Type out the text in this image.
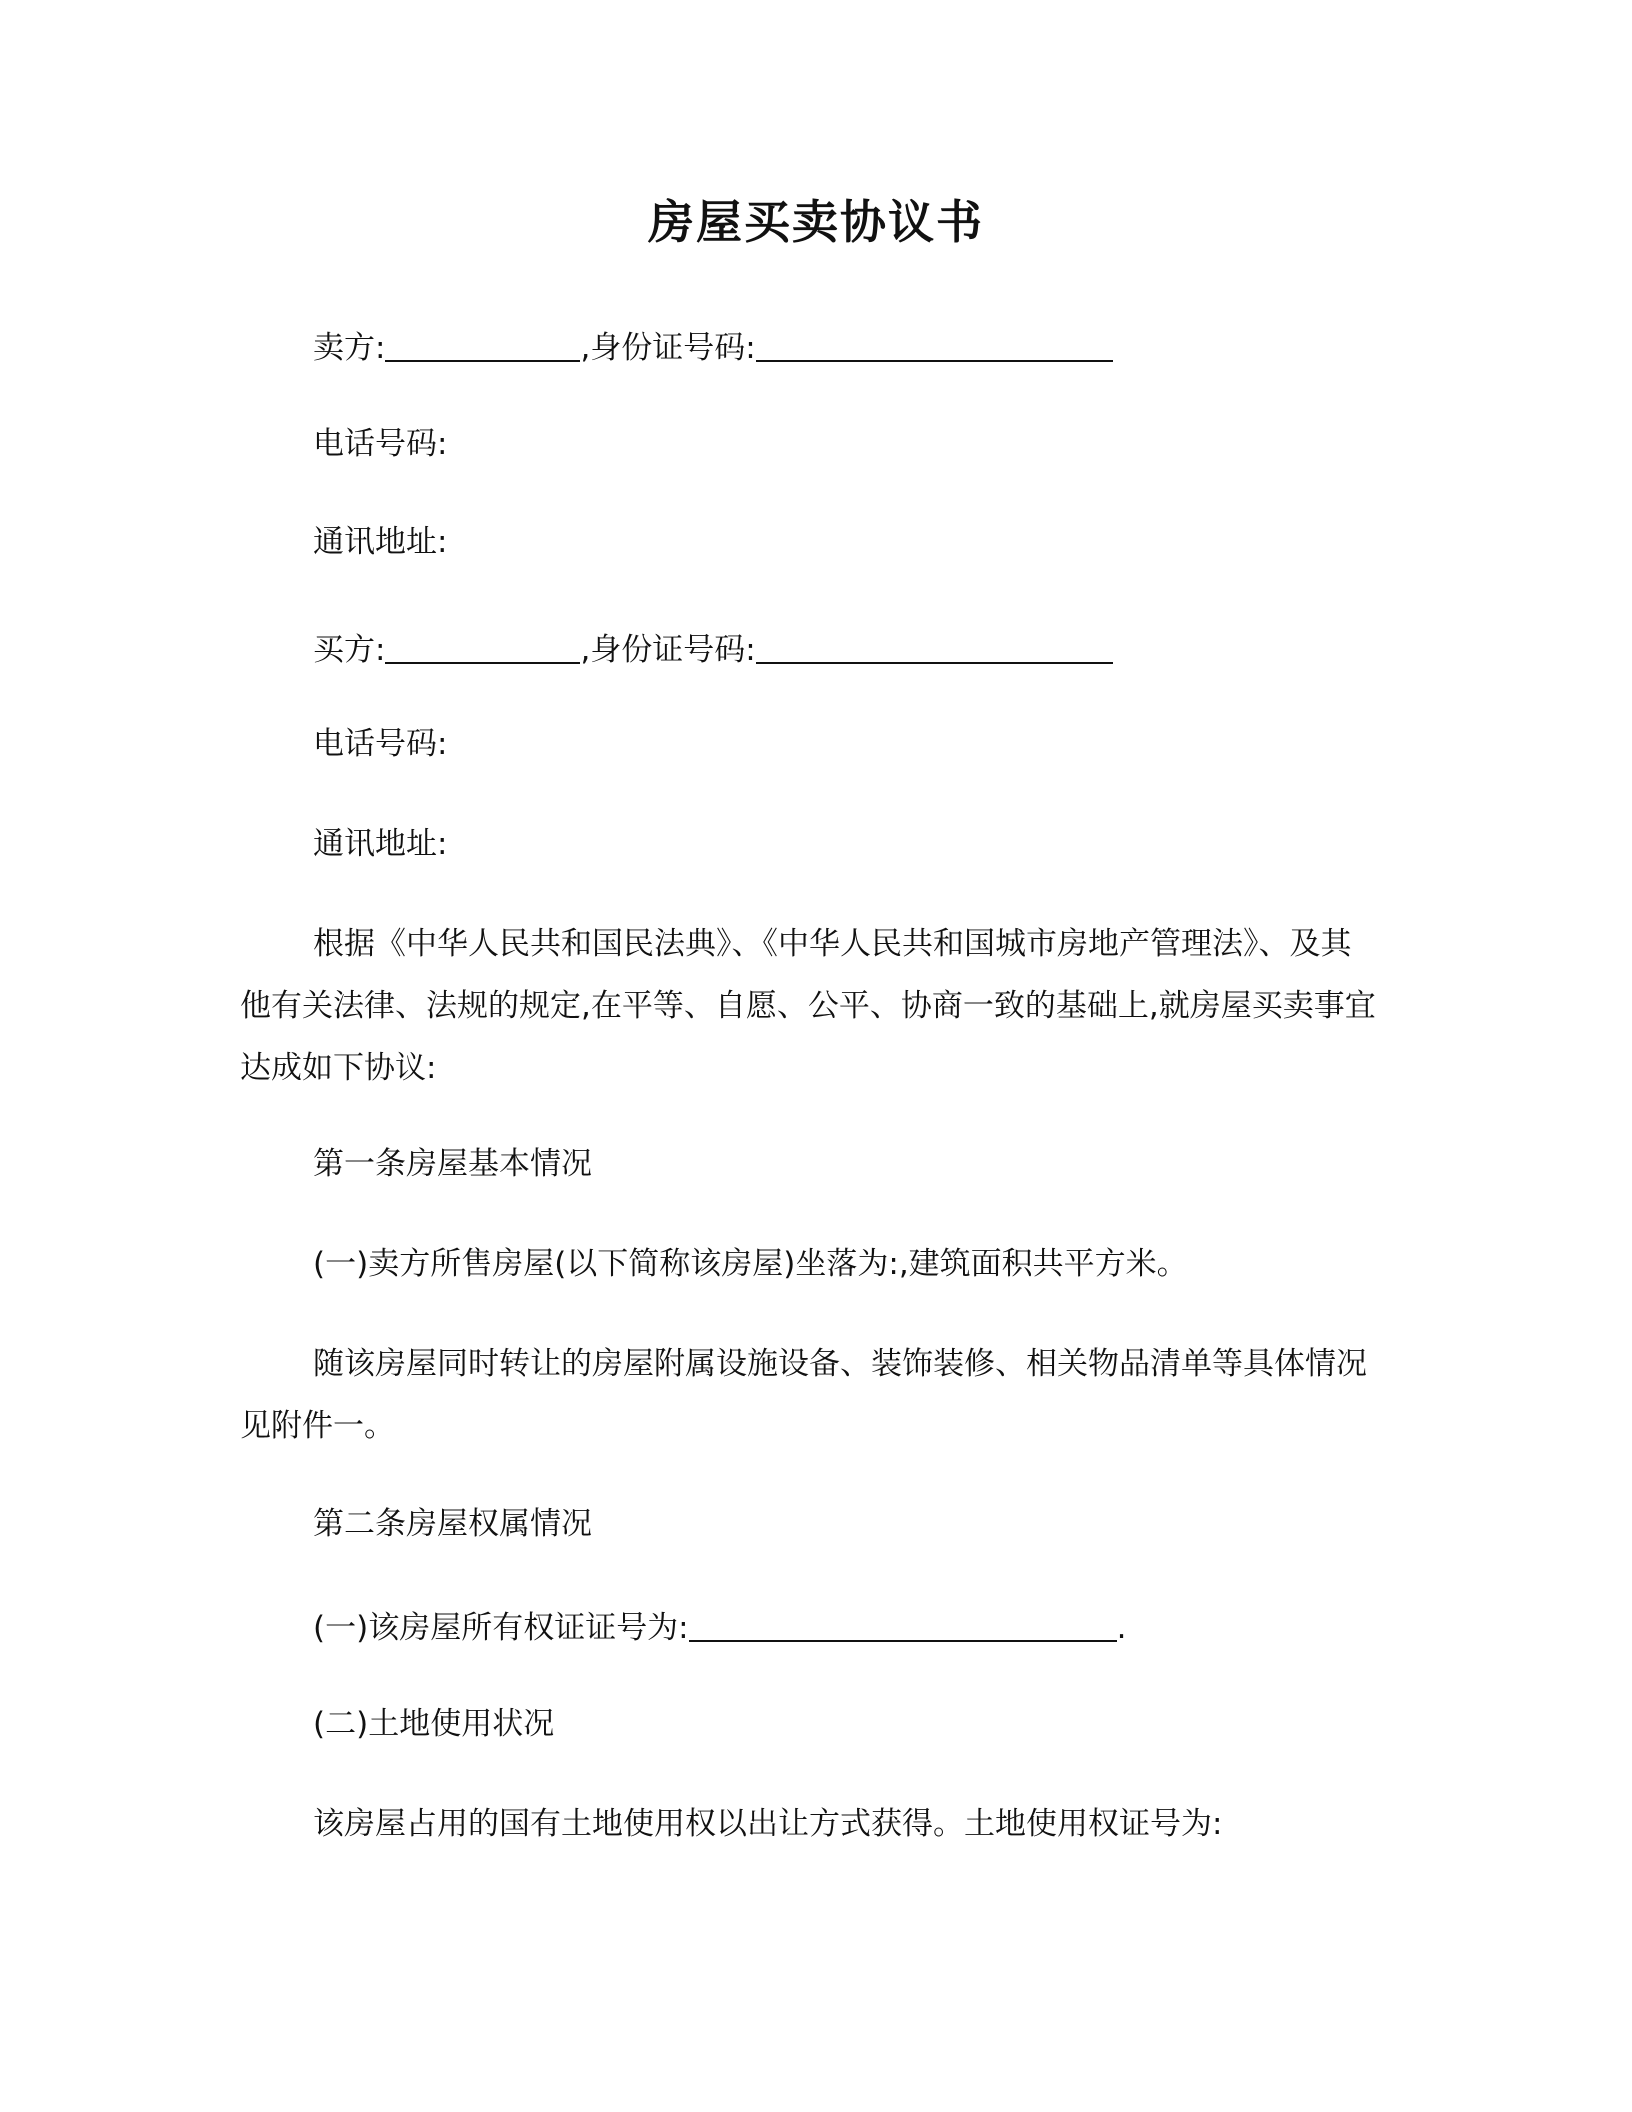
房屋买卖协议书
卖方:	,身份证号码:
电话号码:
通讯地址:
买方:	,身份证号码:
电话号码:
通讯地址:
根据《中华人民共和国民法典》、《中华人民共和国城市房地产管理法》、及其他有关法律、法规的规定,在平等、自愿、公平、协商一致的基础上,就房屋买卖事宜达成如下协议:
第一条房屋基本情况
(一)卖方所售房屋(以下简称该房屋)坐落为:,建筑面积共平方米。
随该房屋同时转让的房屋附属设施设备、装饰装修、相关物品清单等具体情况见附件一。
第二条房屋权属情况
(一)该房屋所有权证证号为:	.
(二)土地使用状况
该房屋占用的国有土地使用权以出让方式获得。土地使用权证号为:
